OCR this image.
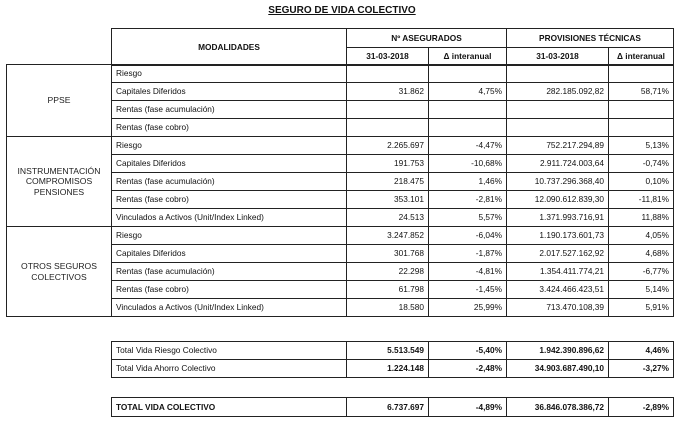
SEGURO DE VIDA COLECTIVO
MODALIDADES	Nº ASEGURADOS		PROVISIONES TÉCNICAS	
	31-03-2018	Δ interanual	31-03-2018	Δ interanual
PPSE	Riesgo				
	Capitales Diferidos	31.862	4,75%	282.185.092,82	58,71%
	Rentas (fase acumulación)				
	Rentas (fase cobro)				
INSTRUMENTACIÓN COMPROMISOS PENSIONES	Riesgo	2.265.697	-4,47%	752.217.294,89	5,13%
	Capitales Diferidos	191.753	-10,68%	2.911.724.003,64	-0,74%
	Rentas (fase acumulación)	218.475	1,46%	10.737.296.368,40	0,10%
	Rentas (fase cobro)	353.101	-2,81%	12.090.612.839,30	-11,81%
	Vinculados a Activos (Unit/Index Linked)	24.513	5,57%	1.371.993.716,91	11,88%
OTROS SEGUROS COLECTIVOS	Riesgo	3.247.852	-6,04%	1.190.173.601,73	4,05%
	Capitales Diferidos	301.768	-1,87%	2.017.527.162,92	4,68%
	Rentas (fase acumulación)	22.298	-4,81%	1.354.411.774,21	-6,77%
	Rentas (fase cobro)	61.798	-1,45%	3.424.466.423,51	5,14%
	Vinculados a Activos (Unit/Index Linked)	18.580	25,99%	713.470.108,39	5,91%
Total Vida Riesgo Colectivo	5.513.549	-5,40%	1.942.390.896,62	4,46%
Total Vida Ahorro Colectivo	1.224.148	-2,48%	34.903.687.490,10	-3,27%
TOTAL VIDA COLECTIVO	6.737.697	-4,89%	36.846.078.386,72	-2,89%
